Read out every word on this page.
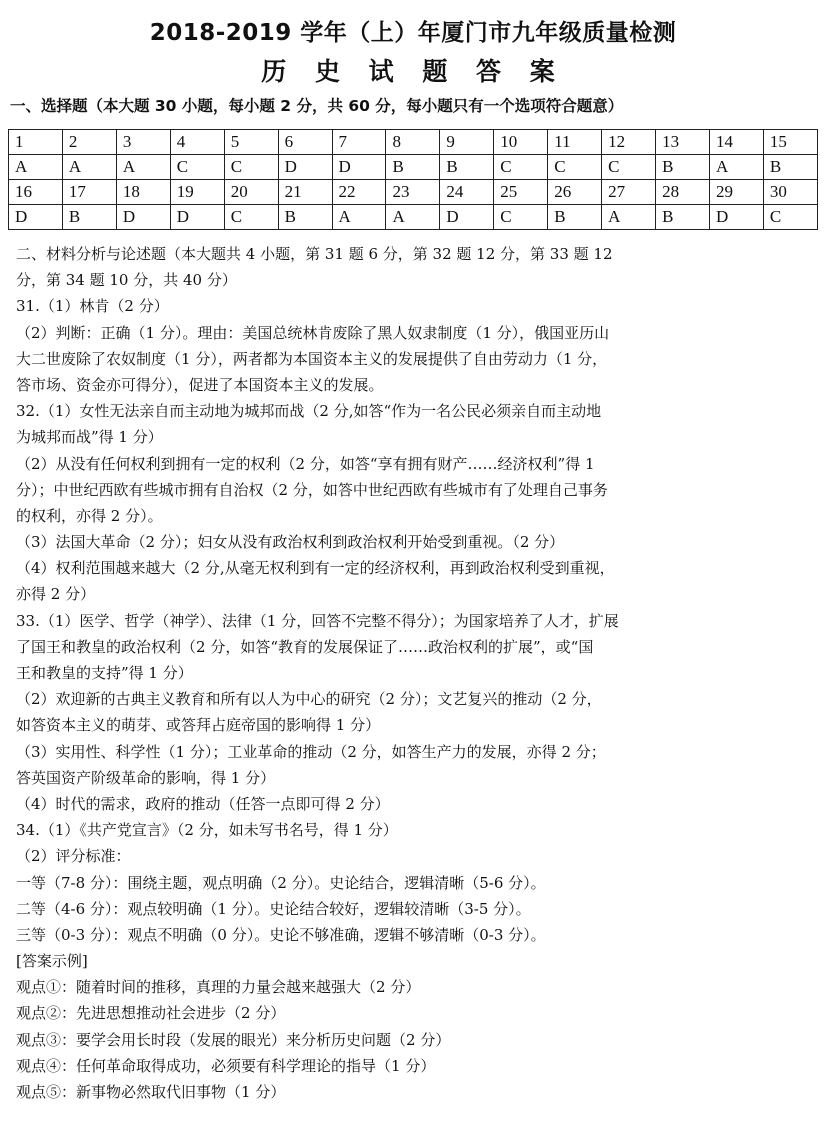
2018-2019 学年（上）年厦门市九年级质量检测
历 史 试 题 答 案
一、选择题（本大题 30 小题，每小题 2 分，共 60 分，每小题只有一个选项符合题意）
1	2	3	4	5	6	7	8	9	10	11	12	13	14	15
A	A	A	C	C	D	D	B	B	C	C	C	B	A	B
16	17	18	19	20	21	22	23	24	25	26	27	28	29	30
D	B	D	D	C	B	A	A	D	C	B	A	B	D	C
二、材料分析与论述题（本大题共 4 小题，第 31 题 6 分，第 32 题 12 分，第 33 题 12
分，第 34 题 10 分，共 40 分）
31.（1）林肯（2 分）
（2）判断：正确（1 分）。理由：美国总统林肯废除了黑人奴隶制度（1 分），俄国亚历山
大二世废除了农奴制度（1 分），两者都为本国资本主义的发展提供了自由劳动力（1 分，
答市场、资金亦可得分），促进了本国资本主义的发展。
32.（1）女性无法亲自而主动地为城邦而战（2 分,如答“作为一名公民必须亲自而主动地
为城邦而战”得 1 分）
（2）从没有任何权利到拥有一定的权利（2 分，如答“享有拥有财产……经济权利”得 1
分）；中世纪西欧有些城市拥有自治权（2 分，如答中世纪西欧有些城市有了处理自己事务
的权利，亦得 2 分）。
（3）法国大革命（2 分）；妇女从没有政治权利到政治权利开始受到重视。（2 分）
（4）权利范围越来越大（2 分,从毫无权利到有一定的经济权利，再到政治权利受到重视，
亦得 2 分）
33.（1）医学、哲学（神学）、法律（1 分，回答不完整不得分）；为国家培养了人才，扩展
了国王和教皇的政治权利（2 分，如答“教育的发展保证了……政治权利的扩展”，或“国
王和教皇的支持”得 1 分）
（2）欢迎新的古典主义教育和所有以人为中心的研究（2 分）；文艺复兴的推动（2 分，
如答资本主义的萌芽、或答拜占庭帝国的影响得 1 分）
（3）实用性、科学性（1 分）；工业革命的推动（2 分，如答生产力的发展，亦得 2 分；
答英国资产阶级革命的影响，得 1 分）
（4）时代的需求，政府的推动（任答一点即可得 2 分）
34.（1）《共产党宣言》（2 分，如未写书名号，得 1 分）
（2）评分标准：
一等（7-8 分）：围绕主题，观点明确（2 分）。史论结合，逻辑清晰（5-6 分）。
二等（4-6 分）：观点较明确（1 分）。史论结合较好，逻辑较清晰（3-5 分）。
三等（0-3 分）：观点不明确（0 分）。史论不够准确，逻辑不够清晰（0-3 分）。
[答案示例]
观点①：随着时间的推移，真理的力量会越来越强大（2 分）
观点②：先进思想推动社会进步（2 分）
观点③：要学会用长时段（发展的眼光）来分析历史问题（2 分）
观点④：任何革命取得成功，必须要有科学理论的指导（1 分）
观点⑤：新事物必然取代旧事物（1 分）
